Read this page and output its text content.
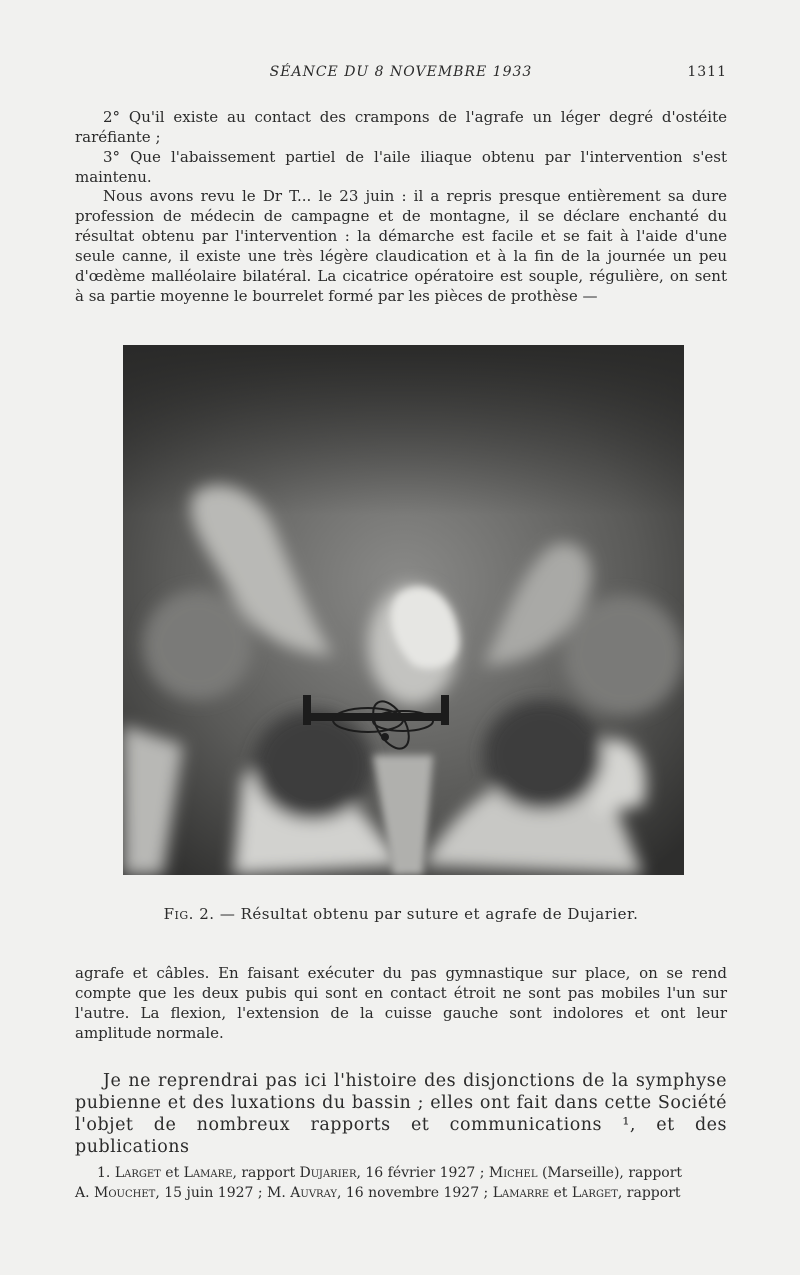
SÉANCE DU 8 NOVEMBRE 1933	1311

2° Qu'il existe au contact des crampons de l'agrafe un léger degré d'ostéite raréfiante ;

3° Que l'abaissement partiel de l'aile iliaque obtenu par l'intervention s'est maintenu.

Nous avons revu le Dr T... le 23 juin : il a repris presque entièrement sa dure profession de médecin de campagne et de montagne, il se déclare enchanté du résultat obtenu par l'intervention : la démarche est facile et se fait à l'aide d'une seule canne, il existe une très légère claudication et à la fin de la journée un peu d'œdème malléolaire bilatéral. La cicatrice opératoire est souple, régulière, on sent à sa partie moyenne le bourrelet formé par les pièces de prothèse —

Fig. 2. — Résultat obtenu par suture et agrafe de Dujarier.

agrafe et câbles. En faisant exécuter du pas gymnastique sur place, on se rend compte que les deux pubis qui sont en contact étroit ne sont pas mobiles l'un sur l'autre. La flexion, l'extension de la cuisse gauche sont indolores et ont leur amplitude normale.

Je ne reprendrai pas ici l'histoire des disjonctions de la symphyse pubienne et des luxations du bassin ; elles ont fait dans cette Société l'objet de nombreux rapports et communications ¹, et des publications

1. Larget et Lamare, rapport Dujarier, 16 février 1927 ; Michel (Marseille), rapport
A. Mouchet, 15 juin 1927 ; M. Auvray, 16 novembre 1927 ; Lamarre et Larget, rapport
